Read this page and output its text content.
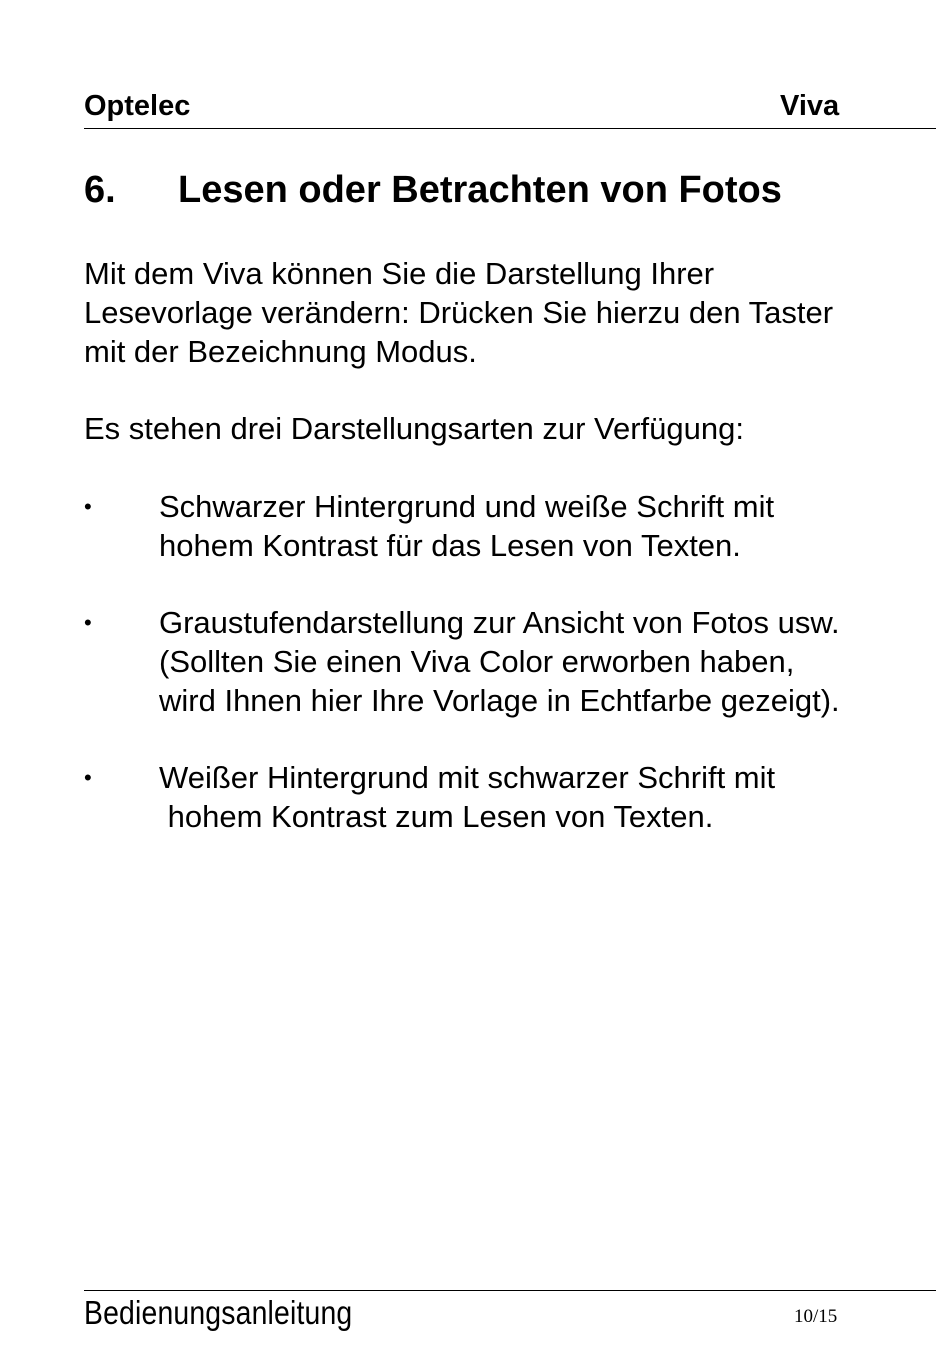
Optelec	Viva
6. Lesen oder Betrachten von Fotos
Mit dem Viva können Sie die Darstellung Ihrer
Lesevorlage verändern: Drücken Sie hierzu den Taster
mit der Bezeichnung Modus.
Es stehen drei Darstellungsarten zur Verfügung:
•	Schwarzer Hintergrund und weiße Schrift mit
hohem Kontrast für das Lesen von Texten.
•	Graustufendarstellung zur Ansicht von Fotos usw.
(Sollten Sie einen Viva Color erworben haben,
wird Ihnen hier Ihre Vorlage in Echtfarbe gezeigt).
•	Weißer Hintergrund mit schwarzer Schrift mit
hohem Kontrast zum Lesen von Texten.
Bedienungsanleitung	10/15
